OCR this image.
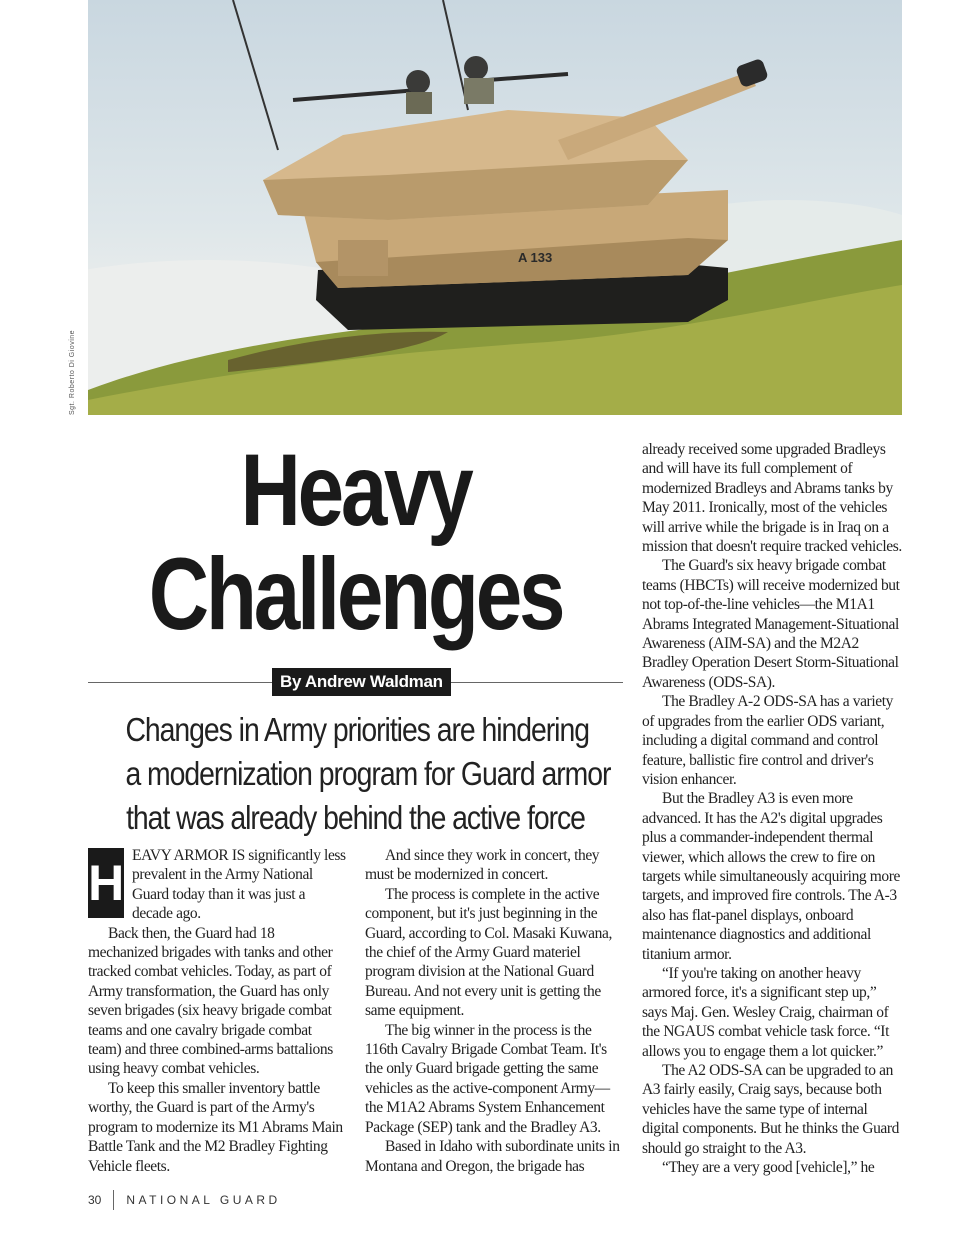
A 133
Sgt. Roberto Di Giovine
Heavy
Challenges
By Andrew Waldman
Changes in Army priorities are hindering
a modernization program for Guard armor
that was already behind the active force

H EAVY ARMOR IS significantly less prevalent in the Army National Guard today than it was just a decade ago.

Back then, the Guard had 18 mechanized brigades with tanks and other tracked combat vehicles. Today, as part of Army transformation, the Guard has only seven brigades (six heavy brigade combat teams and one cavalry brigade combat team) and three combined-arms battalions using heavy combat vehicles.

To keep this smaller inventory battle worthy, the Guard is part of the Army's program to modernize its M1 Abrams Main Battle Tank and the M2 Bradley Fighting Vehicle fleets.

And since they work in concert, they must be modernized in concert.

The process is complete in the active component, but it's just beginning in the Guard, according to Col. Masaki Kuwana, the chief of the Army Guard materiel program division at the National Guard Bureau. And not every unit is getting the same equipment.

The big winner in the process is the 116th Cavalry Brigade Combat Team. It's the only Guard brigade getting the same vehicles as the active-component Army—the M1A2 Abrams System Enhancement Package (SEP) tank and the Bradley A3.

Based in Idaho with subordinate units in Montana and Oregon, the brigade has

already received some upgraded Bradleys and will have its full complement of modernized Bradleys and Abrams tanks by May 2011. Ironically, most of the vehicles will arrive while the brigade is in Iraq on a mission that doesn't require tracked vehicles.

The Guard's six heavy brigade combat teams (HBCTs) will receive modernized but not top-of-the-line vehicles—the M1A1 Abrams Integrated Management-Situational Awareness (AIM-SA) and the M2A2 Bradley Operation Desert Storm-Situational Awareness (ODS-SA).

The Bradley A-2 ODS-SA has a variety of upgrades from the earlier ODS variant, including a digital command and control feature, ballistic fire control and driver's vision enhancer.

But the Bradley A3 is even more advanced. It has the A2's digital upgrades plus a commander-independent thermal viewer, which allows the crew to fire on targets while simultaneously acquiring more targets, and improved fire controls. The A-3 also has flat-panel displays, onboard maintenance diagnostics and additional titanium armor.

“If you're taking on another heavy armored force, it's a significant step up,” says Maj. Gen. Wesley Craig, chairman of the NGAUS combat vehicle task force. “It allows you to engage them a lot quicker.”

The A2 ODS-SA can be upgraded to an A3 fairly easily, Craig says, because both vehicles have the same type of internal digital components. But he thinks the Guard should go straight to the A3.

“They are a very good [vehicle],” he

30 NATIONAL GUARD
